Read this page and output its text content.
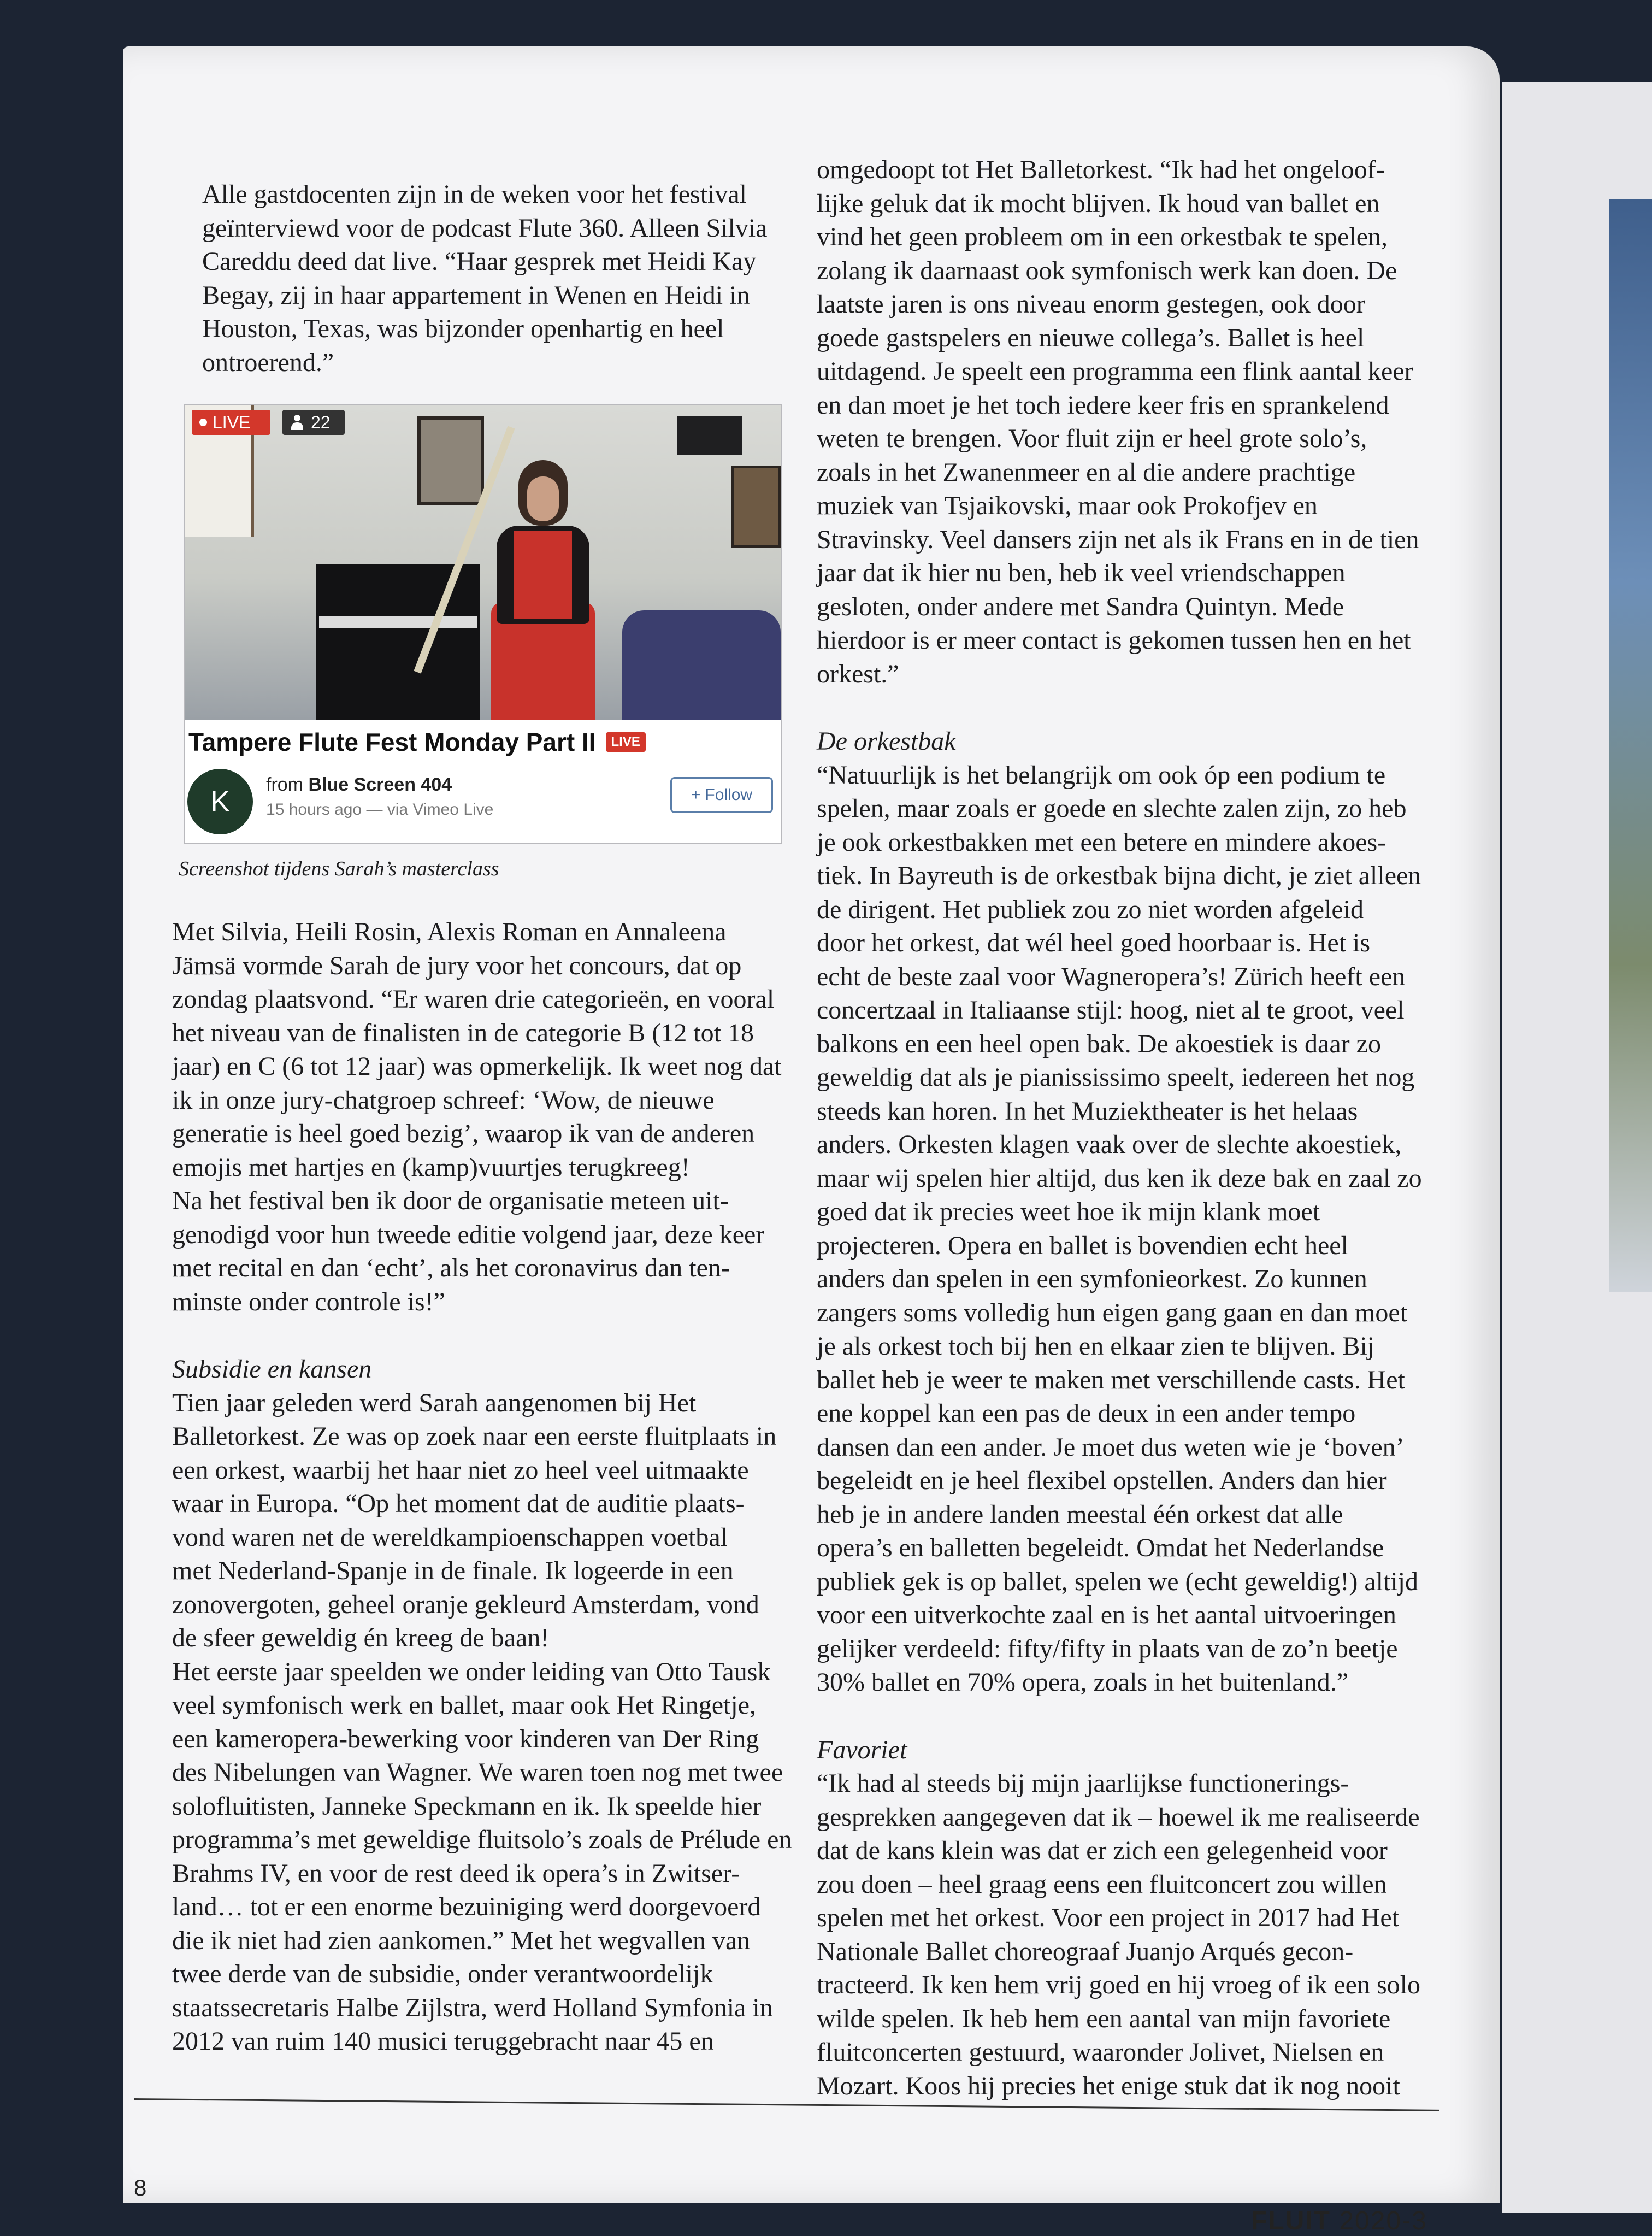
Alle gastdocenten zijn in de weken voor het festival

geïnterviewd voor de podcast Flute 360. Alleen Silvia

Careddu deed dat live. “Haar gesprek met Heidi Kay

Begay, zij in haar appartement in Wenen en Heidi in

Houston, Texas, was bijzonder openhartig en heel

ontroerend.”

LIVE	22
Tampere Flute Fest Monday Part II	LIVE
K
from Blue Screen 404
15 hours ago — via Vimeo Live
+ Follow
Screenshot tijdens Sarah’s masterclass

Met Silvia, Heili Rosin, Alexis Roman en Annaleena

Jämsä vormde Sarah de jury voor het concours, dat op

zondag plaatsvond. “Er waren drie categorieën, en vooral

het niveau van de finalisten in de categorie B (12 tot 18

jaar) en C (6 tot 12 jaar) was opmerkelijk. Ik weet nog dat

ik in onze jury-chatgroep schreef: ‘Wow, de nieuwe

generatie is heel goed bezig’, waarop ik van de anderen

emojis met hartjes en (kamp)vuurtjes terugkreeg!

Na het festival ben ik door de organisatie meteen uit-

genodigd voor hun tweede editie volgend jaar, deze keer

met recital en dan ‘echt’, als het coronavirus dan ten-

minste onder controle is!”

Subsidie en kansen

Tien jaar geleden werd Sarah aangenomen bij Het

Balletorkest. Ze was op zoek naar een eerste fluitplaats in

een orkest, waarbij het haar niet zo heel veel uitmaakte

waar in Europa. “Op het moment dat de auditie plaats-

vond waren net de wereldkampioenschappen voetbal

met Nederland-Spanje in de finale. Ik logeerde in een

zonovergoten, geheel oranje gekleurd Amsterdam, vond

de sfeer geweldig én kreeg de baan!

Het eerste jaar speelden we onder leiding van Otto Tausk

veel symfonisch werk en ballet, maar ook Het Ringetje,

een kameropera-bewerking voor kinderen van Der Ring

des Nibelungen van Wagner. We waren toen nog met twee

solofluitisten, Janneke Speckmann en ik. Ik speelde hier

programma’s met geweldige fluitsolo’s zoals de Prélude en

Brahms IV, en voor de rest deed ik opera’s in Zwitser-

land… tot er een enorme bezuiniging werd doorgevoerd

die ik niet had zien aankomen.” Met het wegvallen van

twee derde van de subsidie, onder verantwoordelijk

staatssecretaris Halbe Zijlstra, werd Holland Symfonia in

2012 van ruim 140 musici teruggebracht naar 45 en

omgedoopt tot Het Balletorkest. “Ik had het ongeloof-

lijke geluk dat ik mocht blijven. Ik houd van ballet en

vind het geen probleem om in een orkestbak te spelen,

zolang ik daarnaast ook symfonisch werk kan doen. De

laatste jaren is ons niveau enorm gestegen, ook door

goede gastspelers en nieuwe collega’s. Ballet is heel

uitdagend. Je speelt een programma een flink aantal keer

en dan moet je het toch iedere keer fris en sprankelend

weten te brengen. Voor fluit zijn er heel grote solo’s,

zoals in het Zwanenmeer en al die andere prachtige

muziek van Tsjaikovski, maar ook Prokofjev en

Stravinsky. Veel dansers zijn net als ik Frans en in de tien

jaar dat ik hier nu ben, heb ik veel vriendschappen

gesloten, onder andere met Sandra Quintyn. Mede

hierdoor is er meer contact is gekomen tussen hen en het

orkest.”

De orkestbak

“Natuurlijk is het belangrijk om ook óp een podium te

spelen, maar zoals er goede en slechte zalen zijn, zo heb

je ook orkestbakken met een betere en mindere akoes-

tiek. In Bayreuth is de orkestbak bijna dicht, je ziet alleen

de dirigent. Het publiek zou zo niet worden afgeleid

door het orkest, dat wél heel goed hoorbaar is. Het is

echt de beste zaal voor Wagneropera’s! Zürich heeft een

concertzaal in Italiaanse stijl: hoog, niet al te groot, veel

balkons en een heel open bak. De akoestiek is daar zo

geweldig dat als je pianississimo speelt, iedereen het nog

steeds kan horen. In het Muziektheater is het helaas

anders. Orkesten klagen vaak over de slechte akoestiek,

maar wij spelen hier altijd, dus ken ik deze bak en zaal zo

goed dat ik precies weet hoe ik mijn klank moet

projecteren. Opera en ballet is bovendien echt heel

anders dan spelen in een symfonieorkest. Zo kunnen

zangers soms volledig hun eigen gang gaan en dan moet

je als orkest toch bij hen en elkaar zien te blijven. Bij

ballet heb je weer te maken met verschillende casts. Het

ene koppel kan een pas de deux in een ander tempo

dansen dan een ander. Je moet dus weten wie je ‘boven’

begeleidt en je heel flexibel opstellen. Anders dan hier

heb je in andere landen meestal één orkest dat alle

opera’s en balletten begeleidt. Omdat het Nederlandse

publiek gek is op ballet, spelen we (echt geweldig!) altijd

voor een uitverkochte zaal en is het aantal uitvoeringen

gelijker verdeeld: fifty/fifty in plaats van de zo’n beetje

30% ballet en 70% opera, zoals in het buitenland.”

Favoriet

“Ik had al steeds bij mijn jaarlijkse functionerings-

gesprekken aangegeven dat ik – hoewel ik me realiseerde

dat de kans klein was dat er zich een gelegenheid voor

zou doen – heel graag eens een fluitconcert zou willen

spelen met het orkest. Voor een project in 2017 had Het

Nationale Ballet choreograaf Juanjo Arqués gecon-

tracteerd. Ik ken hem vrij goed en hij vroeg of ik een solo

wilde spelen. Ik heb hem een aantal van mijn favoriete

fluitconcerten gestuurd, waaronder Jolivet, Nielsen en

Mozart. Koos hij precies het enige stuk dat ik nog nooit

8
FLUIT 2020-3
